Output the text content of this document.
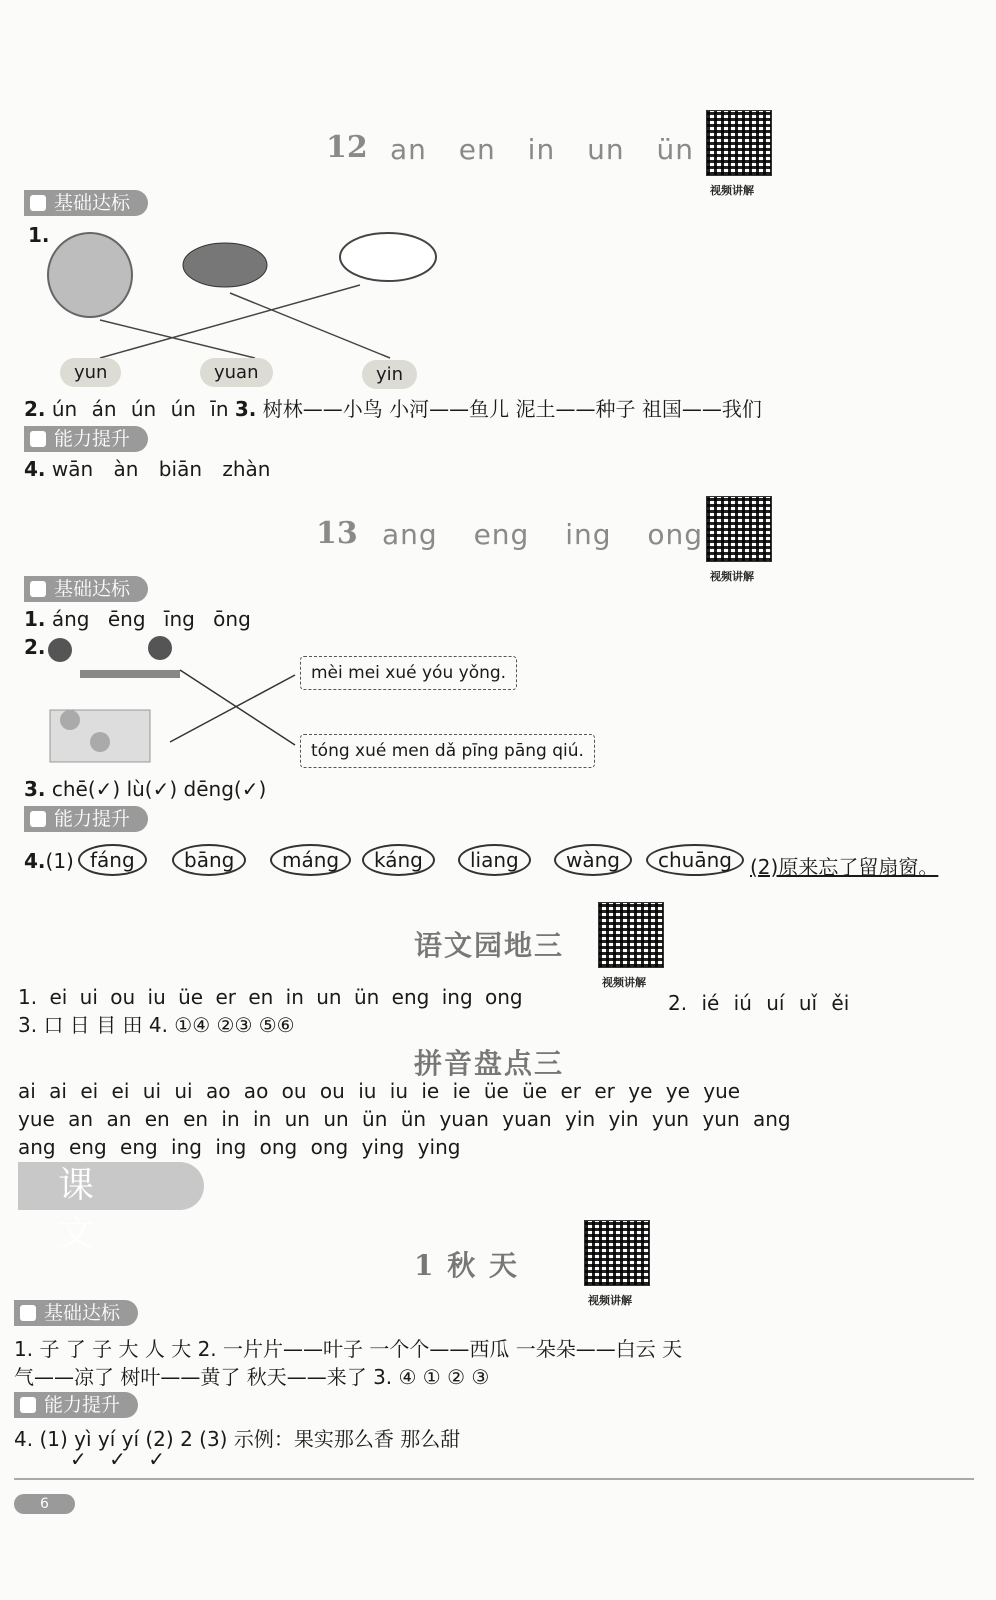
12 an en in un ün
视频讲解
基础达标
1.
yun	yuan	yin
2. ún án ún ún īn 3. 树林——小鸟 小河——鱼儿 泥土——种子 祖国——我们
能力提升
4. wān àn biān zhàn
13 ang eng ing ong
视频讲解
基础达标
1. áng ēng īng ōng
2.
mèi mei xué yóu yǒng.
tóng xué men dǎ pīng pāng qiú.
3. chē(✓) lù(✓) dēng(✓)
能力提升
4.(1) fáng	bāng	máng	káng	liang	wàng	chuāng (2)原来忘了留扇窗。
语文园地三
视频讲解
1. ei ui ou iu üe er en in un ün eng ing ong	2. ié iú uí uǐ ěi
3. 口 日 目 田 4. ①④ ②③ ⑤⑥
拼音盘点三
ai ai ei ei ui ui ao ao ou ou iu iu ie ie üe üe er er ye ye yue
yue an an en en in in un un ün ün yuan yuan yin yin yun yun ang
ang eng eng ing ing ong ong ying ying
课文
1 秋 天
视频讲解
基础达标
1. 子 了 子 大 人 大 2. 一片片——叶子 一个个——西瓜 一朵朵——白云 天
气——凉了 树叶——黄了 秋天——来了 3. ④ ① ② ③
能力提升
4. (1) yì yí yí (2) 2 (3) 示例：果实那么香 那么甜
✓ ✓ ✓
6
